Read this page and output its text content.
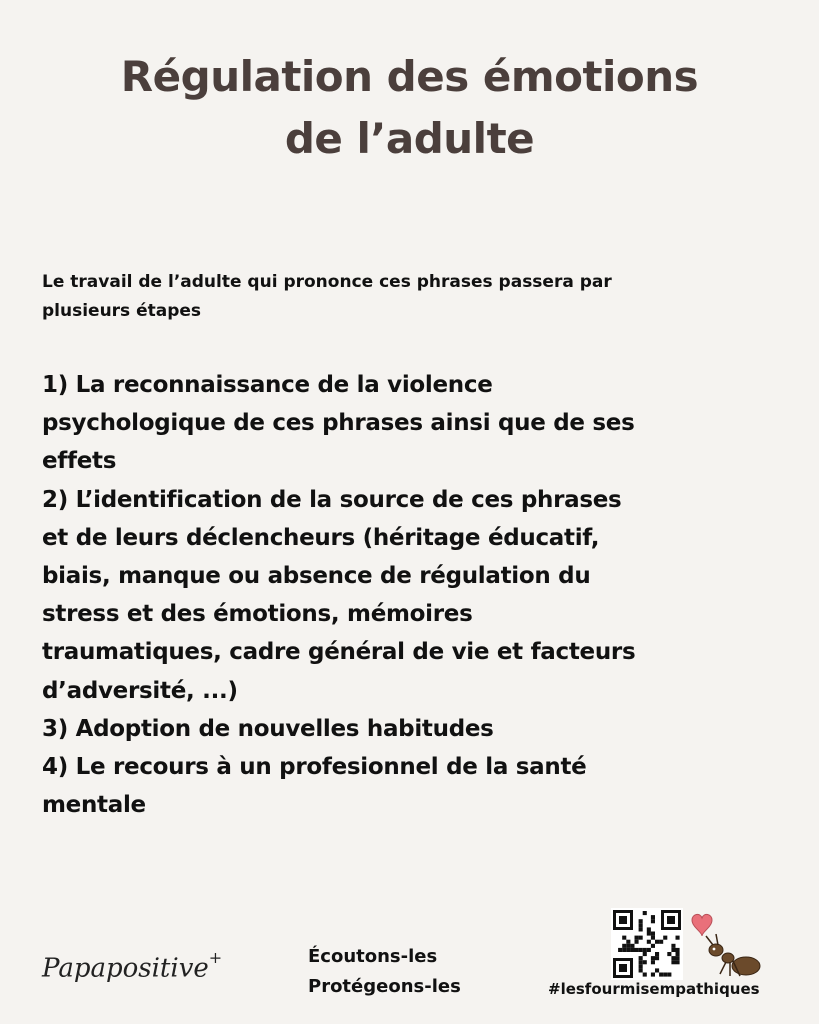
Régulation des émotions
de l’adulte
Le travail de l’adulte qui prononce ces phrases passera par
plusieurs étapes
1) La reconnaissance de la violence
psychologique de ces phrases ainsi que de ses
effets
2) L’identification de la source de ces phrases
et de leurs déclencheurs (héritage éducatif,
biais, manque ou absence de régulation du
stress et des émotions, mémoires
traumatiques, cadre général de vie et facteurs
d’adversité, ...)
3) Adoption de nouvelles habitudes
4) Le recours à un profesionnel de la santé
mentale
Papapositive+	Écoutons-les
Protégeons-les	#lesfourmisempathiques
